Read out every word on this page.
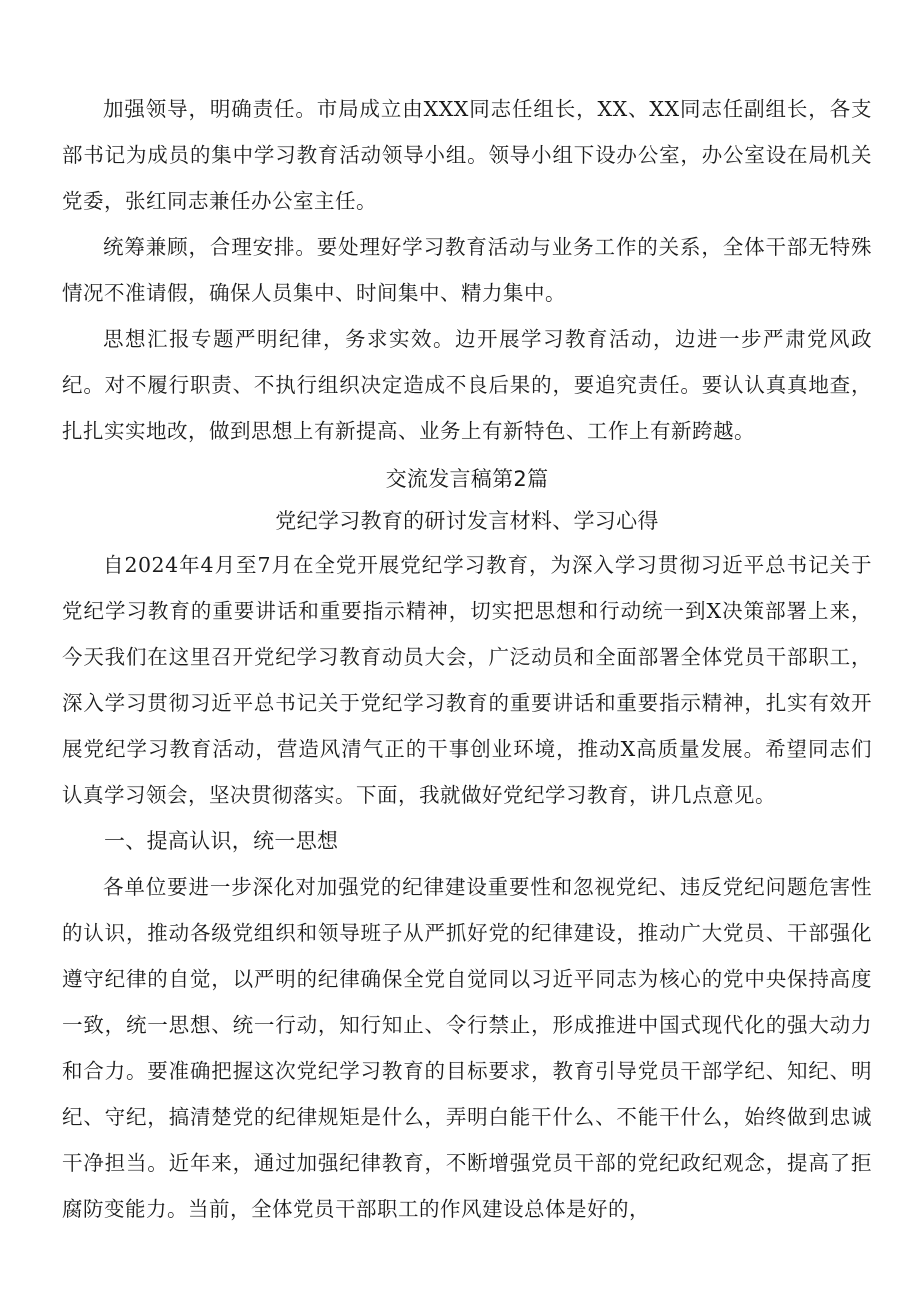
加强领导，明确责任。市局成立由XXX同志任组长，XX、XX同志任副组长，各支部书记为成员的集中学习教育活动领导小组。领导小组下设办公室，办公室设在局机关党委，张红同志兼任办公室主任。

统筹兼顾，合理安排。要处理好学习教育活动与业务工作的关系，全体干部无特殊情况不准请假，确保人员集中、时间集中、精力集中。

思想汇报专题严明纪律，务求实效。边开展学习教育活动，边进一步严肃党风政纪。对不履行职责、不执行组织决定造成不良后果的，要追究责任。要认认真真地查，扎扎实实地改，做到思想上有新提高、业务上有新特色、工作上有新跨越。

交流发言稿第2篇

党纪学习教育的研讨发言材料、学习心得

自2024年4月至7月在全党开展党纪学习教育，为深入学习贯彻习近平总书记关于党纪学习教育的重要讲话和重要指示精神，切实把思想和行动统一到X决策部署上来，今天我们在这里召开党纪学习教育动员大会，广泛动员和全面部署全体党员干部职工，深入学习贯彻习近平总书记关于党纪学习教育的重要讲话和重要指示精神，扎实有效开展党纪学习教育活动，营造风清气正的干事创业环境，推动X高质量发展。希望同志们认真学习领会，坚决贯彻落实。下面，我就做好党纪学习教育，讲几点意见。

一、提高认识，统一思想

各单位要进一步深化对加强党的纪律建设重要性和忽视党纪、违反党纪问题危害性的认识，推动各级党组织和领导班子从严抓好党的纪律建设，推动广大党员、干部强化遵守纪律的自觉，以严明的纪律确保全党自觉同以习近平同志为核心的党中央保持高度一致，统一思想、统一行动，知行知止、令行禁止，形成推进中国式现代化的强大动力和合力。要准确把握这次党纪学习教育的目标要求，教育引导党员干部学纪、知纪、明纪、守纪，搞清楚党的纪律规矩是什么，弄明白能干什么、不能干什么，始终做到忠诚干净担当。近年来，通过加强纪律教育，不断增强党员干部的党纪政纪观念，提高了拒腐防变能力。当前，全体党员干部职工的作风建设总体是好的，
